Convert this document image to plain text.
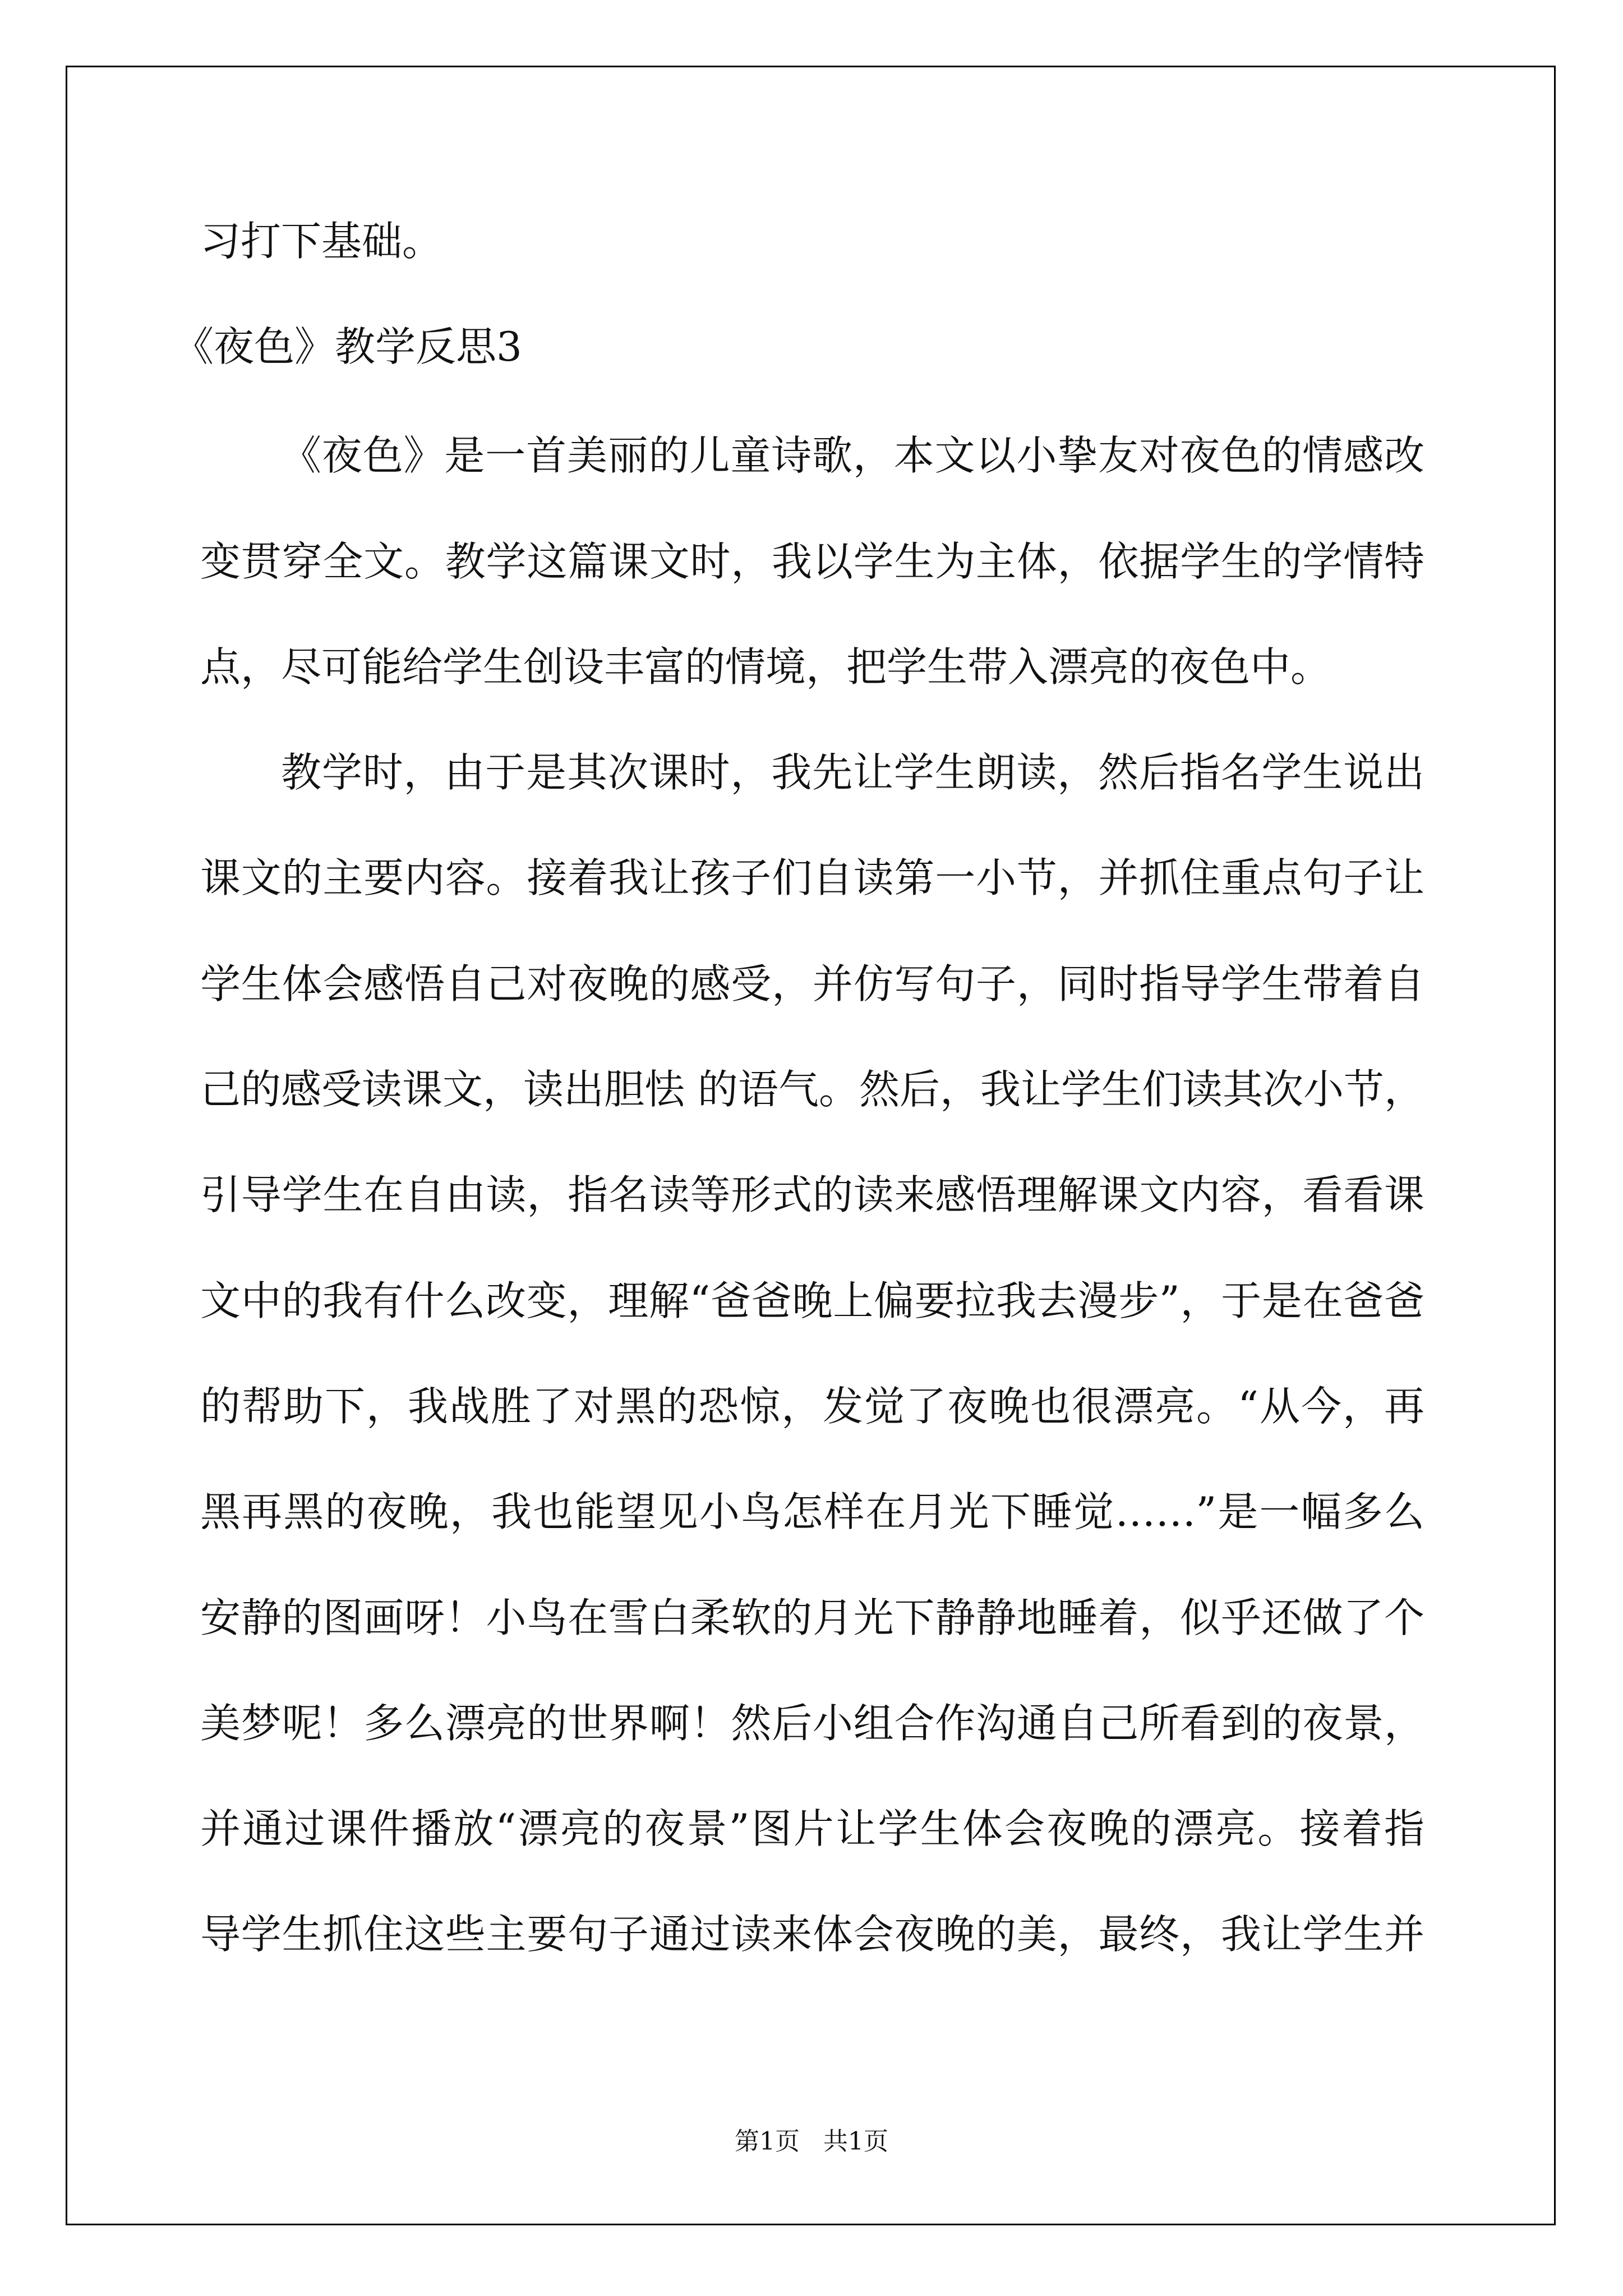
习打下基础。
《夜色》教学反思3
《夜色》是一首美丽的儿童诗歌，本文以小挚友对夜色的情感改
变贯穿全文。教学这篇课文时，我以学生为主体，依据学生的学情特
点，尽可能给学生创设丰富的情境，把学生带入漂亮的夜色中。
教学时，由于是其次课时，我先让学生朗读，然后指名学生说出
课文的主要内容。接着我让孩子们自读第一小节，并抓住重点句子让
学生体会感悟自己对夜晚的感受，并仿写句子，同时指导学生带着自
己的感受读课文，读出胆怯 的语气。然后，我让学生们读其次小节，
引导学生在自由读，指名读等形式的读来感悟理解课文内容，看看课
文中的我有什么改变，理解“爸爸晚上偏要拉我去漫步”，于是在爸爸
的帮助下，我战胜了对黑的恐惊，发觉了夜晚也很漂亮。“从今，再
黑再黑的夜晚，我也能望见小鸟怎样在月光下睡觉……”是一幅多么
安静的图画呀！小鸟在雪白柔软的月光下静静地睡着，似乎还做了个
美梦呢！多么漂亮的世界啊！然后小组合作沟通自己所看到的夜景，
并通过课件播放“漂亮的夜景”图片让学生体会夜晚的漂亮。接着指
导学生抓住这些主要句子通过读来体会夜晚的美，最终，我让学生并
第1页   共1页
